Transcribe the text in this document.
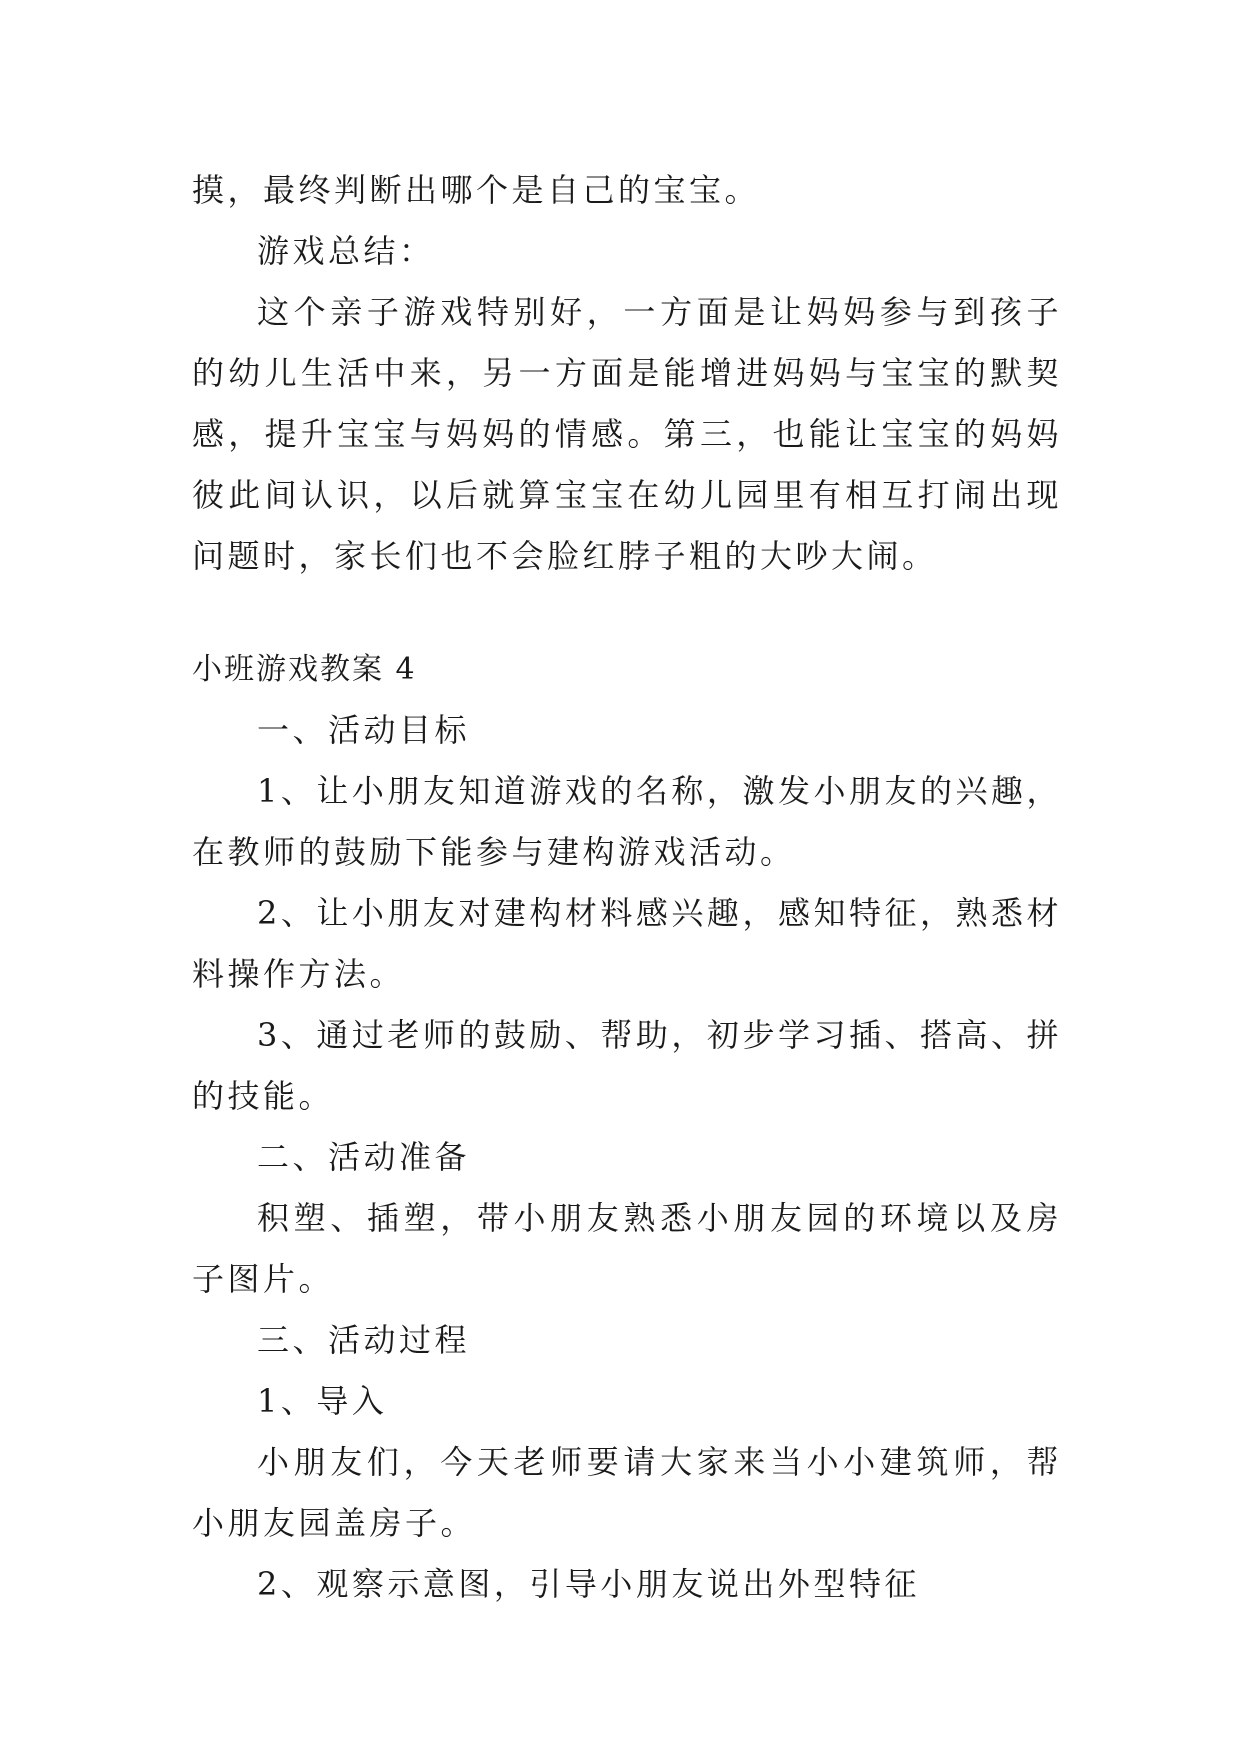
摸，最终判断出哪个是自己的宝宝。

游戏总结：

这个亲子游戏特别好，一方面是让妈妈参与到孩子的幼儿生活中来，另一方面是能增进妈妈与宝宝的默契感，提升宝宝与妈妈的情感。第三，也能让宝宝的妈妈彼此间认识，以后就算宝宝在幼儿园里有相互打闹出现问题时，家长们也不会脸红脖子粗的大吵大闹。

小班游戏教案 4

一、活动目标

1、让小朋友知道游戏的名称，激发小朋友的兴趣，在教师的鼓励下能参与建构游戏活动。

2、让小朋友对建构材料感兴趣，感知特征，熟悉材料操作方法。

3、通过老师的鼓励、帮助，初步学习插、搭高、拼的技能。

二、活动准备

积塑、插塑，带小朋友熟悉小朋友园的环境以及房子图片。

三、活动过程

1、导入

小朋友们，今天老师要请大家来当小小建筑师，帮小朋友园盖房子。

2、观察示意图，引导小朋友说出外型特征
